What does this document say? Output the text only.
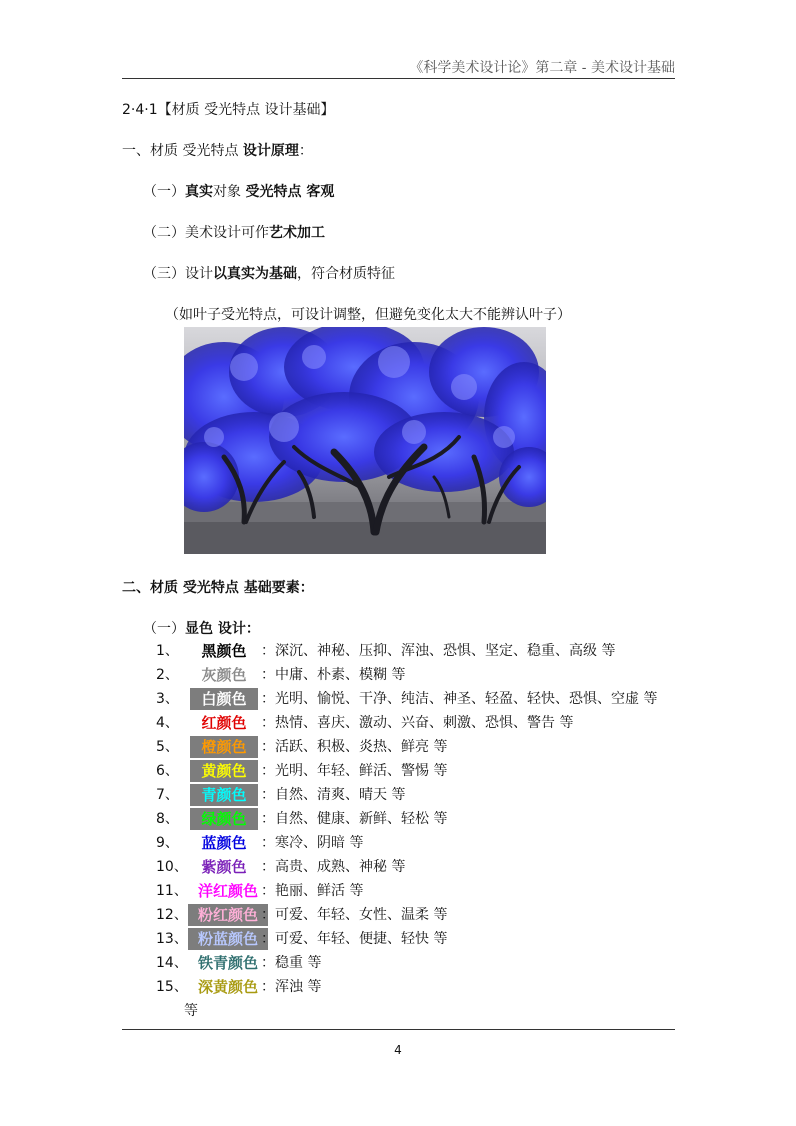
《科学美术设计论》第二章 - 美术设计基础
2·4·1【材质 受光特点 设计基础】
一、材质 受光特点 设计原理：
（一）真实对象 受光特点 客观
（二）美术设计可作艺术加工
（三）设计以真实为基础，符合材质特征
（如叶子受光特点，可设计调整，但避免变化太大不能辨认叶子）
二、材质 受光特点 基础要素：
（一）显色 设计：
1、	黑颜色	：深沉、神秘、压抑、浑浊、恐惧、坚定、稳重、高级 等
2、	灰颜色	：中庸、朴素、模糊 等
3、	白颜色	：光明、愉悦、干净、纯洁、神圣、轻盈、轻快、恐惧、空虚 等
4、	红颜色	：热情、喜庆、激动、兴奋、刺激、恐惧、警告 等
5、	橙颜色	：活跃、积极、炎热、鲜亮 等
6、	黄颜色	：光明、年轻、鲜活、警惕 等
7、	青颜色	：自然、清爽、晴天 等
8、	绿颜色	：自然、健康、新鲜、轻松 等
9、	蓝颜色	：寒冷、阴暗 等
10、 紫颜色	：高贵、成熟、神秘 等
11、 洋红颜色 ：艳丽、鲜活 等
12、 粉红颜色 ：可爱、年轻、女性、温柔 等
13、 粉蓝颜色 ：可爱、年轻、便捷、轻快 等
14、 铁青颜色 ：稳重 等
15、 深黄颜色 ：浑浊 等
等
4
